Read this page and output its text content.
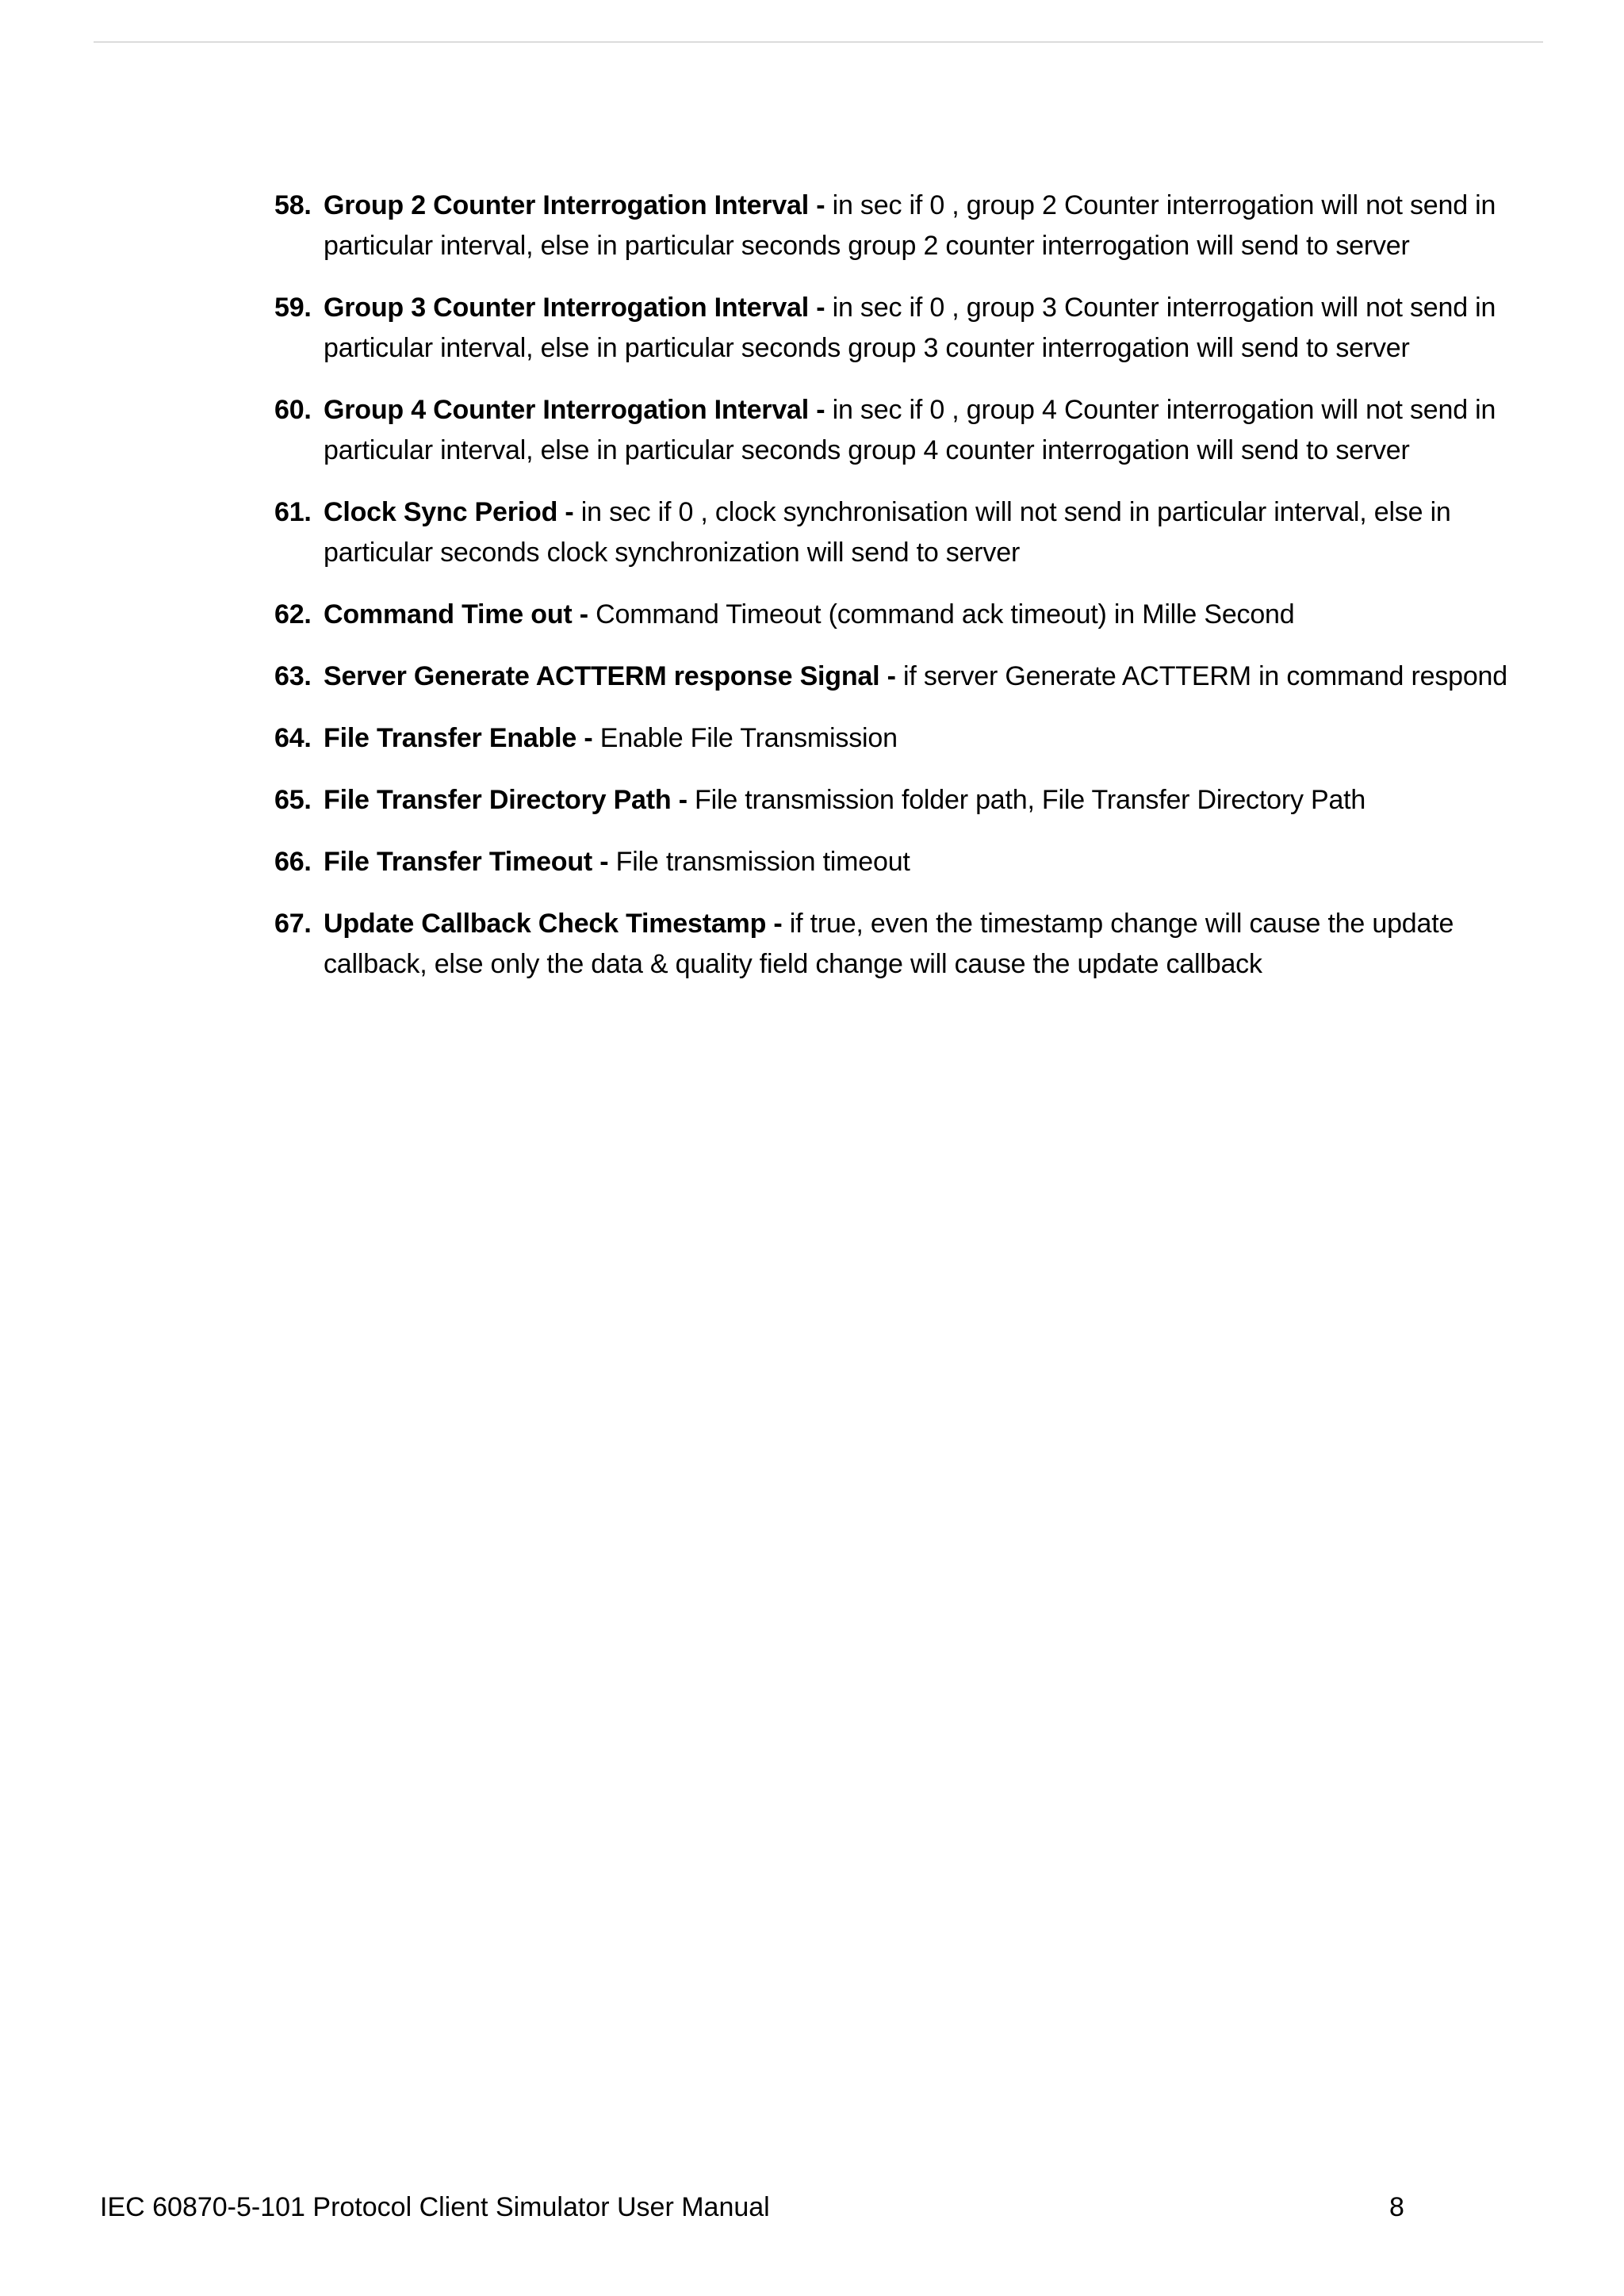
58. Group 2 Counter Interrogation Interval - in sec if 0 , group 2 Counter interrogation will not send in particular interval, else in particular seconds group 2 counter interrogation will send to server
59. Group 3 Counter Interrogation Interval - in sec if 0 , group 3 Counter interrogation will not send in particular interval, else in particular seconds group 3 counter interrogation will send to server
60. Group 4 Counter Interrogation Interval - in sec if 0 , group 4 Counter interrogation will not send in particular interval, else in particular seconds group 4 counter interrogation will send to server
61. Clock Sync Period - in sec if 0 , clock synchronisation will not send in particular interval, else in particular seconds clock synchronization will send to server
62. Command Time out - Command Timeout (command ack timeout) in Mille Second
63. Server Generate ACTTERM response Signal - if server Generate ACTTERM in command respond
64. File Transfer Enable - Enable File Transmission
65. File Transfer Directory Path - File transmission folder path, File Transfer Directory Path
66. File Transfer Timeout - File transmission timeout
67. Update Callback Check Timestamp - if true, even the timestamp change will cause the update callback, else only the data & quality field change will cause the update callback
IEC 60870-5-101 Protocol Client Simulator User Manual	8
